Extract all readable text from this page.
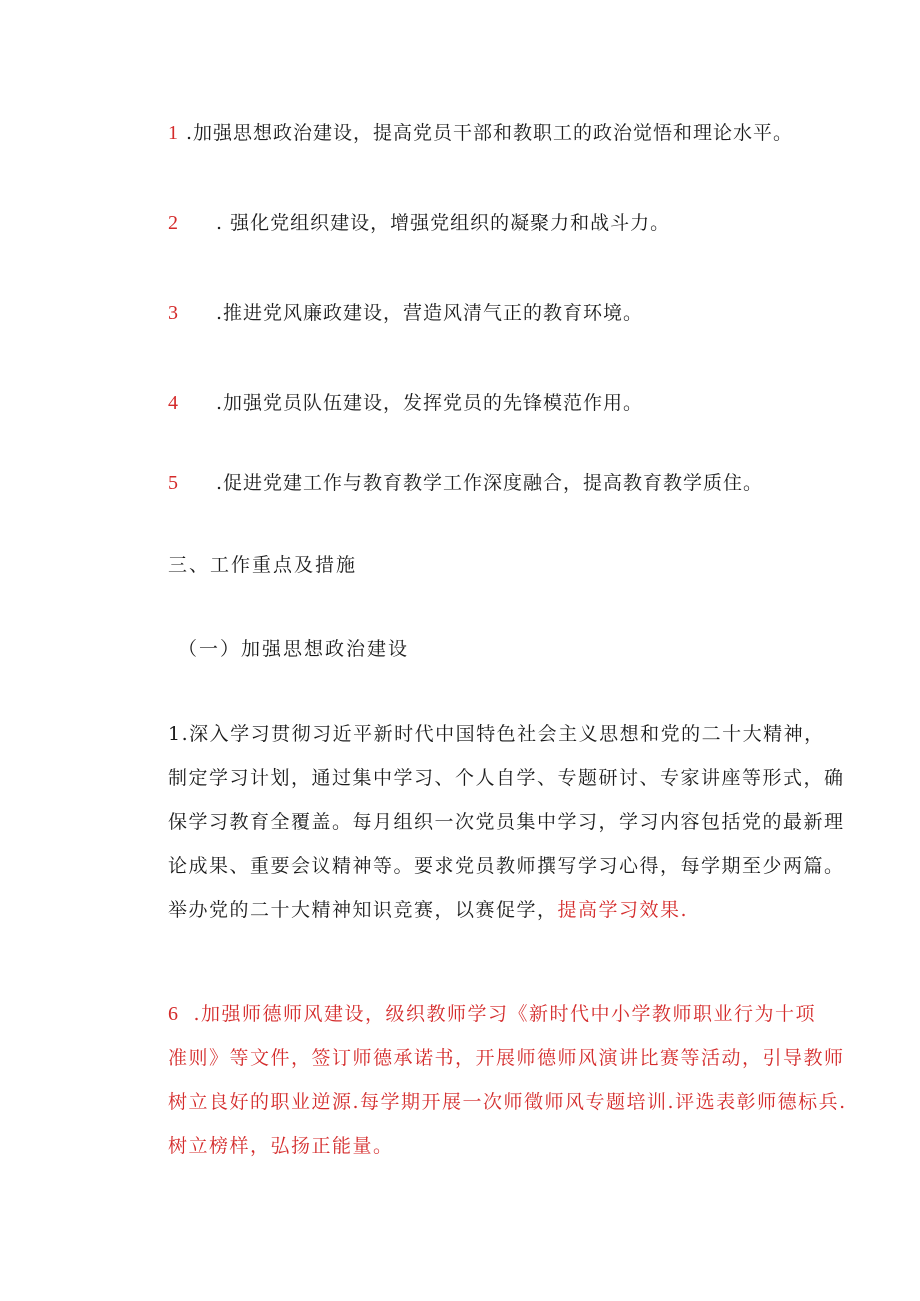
1 .加强思想政治建设，提高党员干部和教职工的政治觉悟和理论水平。
2 . 强化党组织建设，增强党组织的凝聚力和战斗力。
3 .推进党风廉政建设，营造风清气正的教育环境。
4 .加强党员队伍建设，发挥党员的先锋模范作用。
5 .促进党建工作与教育教学工作深度融合，提高教育教学质住。
三、工作重点及措施
（一）加强思想政治建设
1.深入学习贯彻习近平新时代中国特色社会主义思想和党的二十大精神，
制定学习计划，通过集中学习、个人自学、专题研讨、专家讲座等形式，确
保学习教育全覆盖。每月组织一次党员集中学习，学习内容包括党的最新理
论成果、重要会议精神等。要求党员教师撰写学习心得，每学期至少两篇。
举办党的二十大精神知识竞赛，以赛促学，提高学习效果.
6 .加强师德师风建设，级织教师学习《新时代中小学教师职业行为十项
准则》等文件，签订师德承诺书，开展师德师风演讲比赛等活动，引导教师
树立良好的职业逆源.每学期开展一次师徵师风专题培训.评选表彰师德标兵.
树立榜样，弘扬正能量。
